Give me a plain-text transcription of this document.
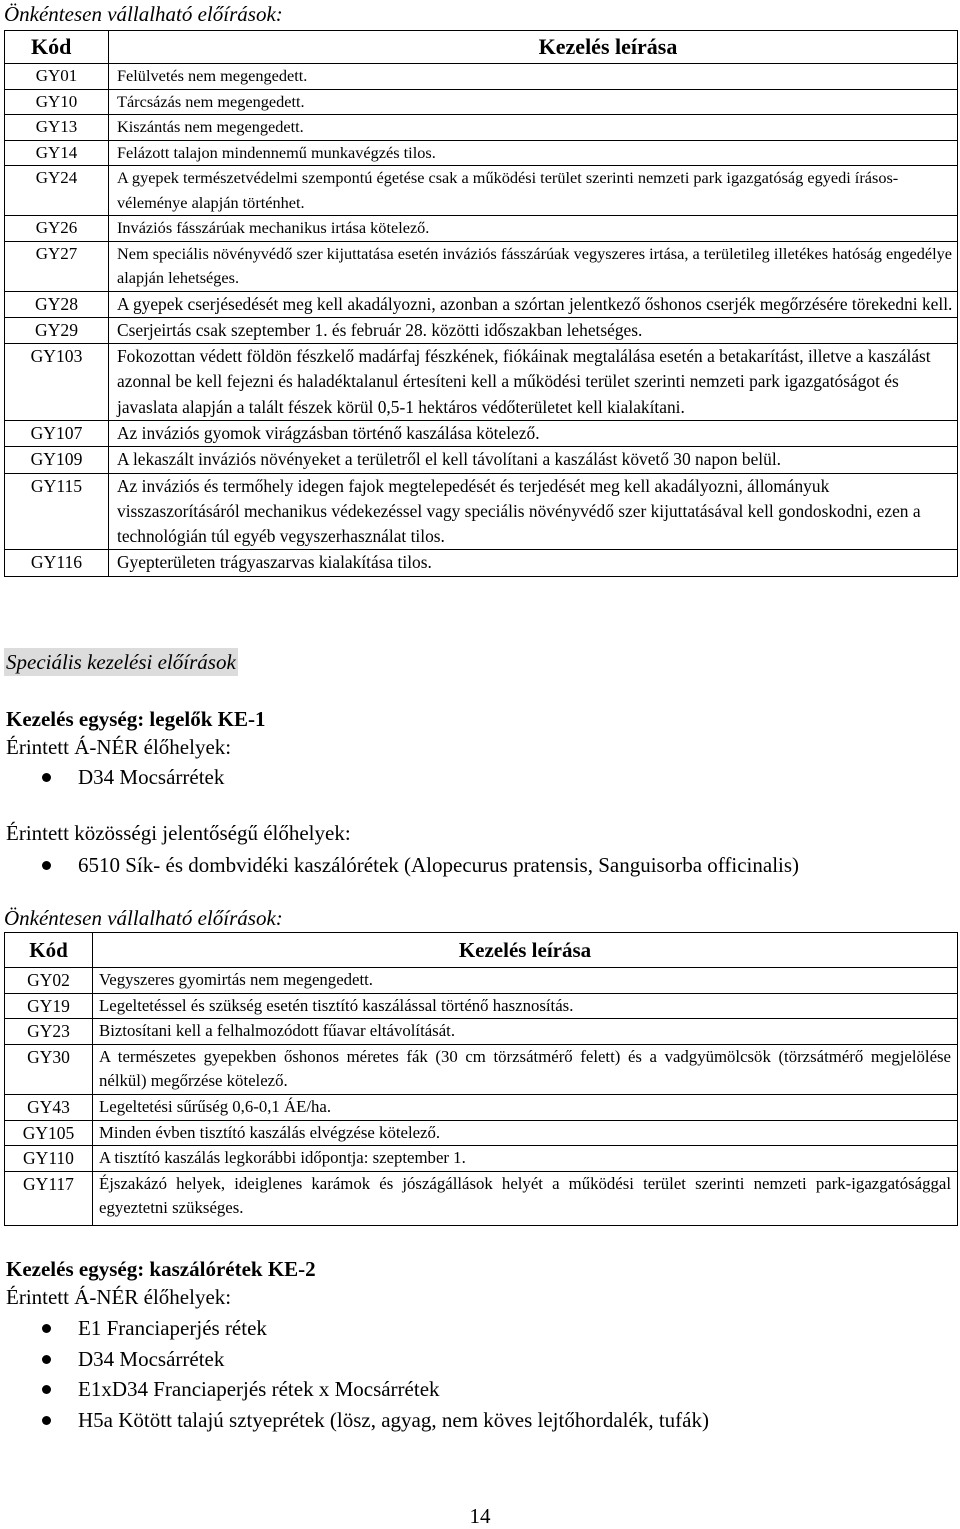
Önkéntesen vállalható előírások:
Kód	Kezelés leírása
GY01	Felülvetés nem megengedett.
GY10	Tárcsázás nem megengedett.
GY13	Kiszántás nem megengedett.
GY14	Felázott talajon mindennemű munkavégzés tilos.
GY24	A gyepek természetvédelmi szempontú égetése csak a működési terület szerinti nemzeti park igazgatóság egyedi írásos-véleménye alapján történhet.
GY26	Inváziós fásszárúak mechanikus irtása kötelező.
GY27	Nem speciális növényvédő szer kijuttatása esetén inváziós fásszárúak vegyszeres irtása, a területileg illetékes hatóság engedélye alapján lehetséges.
GY28	A gyepek cserjésedését meg kell akadályozni, azonban a szórtan jelentkező őshonos cserjék megőrzésére törekedni kell.
GY29	Cserjeirtás csak szeptember 1. és február 28. közötti időszakban lehetséges.
GY103	Fokozottan védett földön fészkelő madárfaj fészkének, fiókáinak megtalálása esetén a betakarítást, illetve a kaszálást azonnal be kell fejezni és haladéktalanul értesíteni kell a működési terület szerinti nemzeti park igazgatóságot és javaslata alapján a talált fészek körül 0,5-1 hektáros védőterületet kell kialakítani.
GY107	Az inváziós gyomok virágzásban történő kaszálása kötelező.
GY109	A lekaszált inváziós növényeket a területről el kell távolítani a kaszálást követő 30 napon belül.
GY115	Az inváziós és termőhely idegen fajok megtelepedését és terjedését meg kell akadályozni, állományuk visszaszorításáról mechanikus védekezéssel vagy speciális növényvédő szer kijuttatásával kell gondoskodni, ezen a technológián túl egyéb vegyszerhasználat tilos.
GY116	Gyepterületen trágyaszarvas kialakítása tilos.
Speciális kezelési előírások
Kezelés egység: legelők KE-1
Érintett Á-NÉR élőhelyek:
D34 Mocsárrétek
Érintett közösségi jelentőségű élőhelyek:
6510 Sík- és dombvidéki kaszálórétek (Alopecurus pratensis, Sanguisorba officinalis)
Önkéntesen vállalható előírások:
Kód	Kezelés leírása
GY02	Vegyszeres gyomirtás nem megengedett.
GY19	Legeltetéssel és szükség esetén tisztító kaszálással történő hasznosítás.
GY23	Biztosítani kell a felhalmozódott fűavar eltávolítását.
GY30	A természetes gyepekben őshonos méretes fák (30 cm törzsátmérő felett) és a vadgyümölcsök (törzsátmérő megjelölése nélkül) megőrzése kötelező.
GY43	Legeltetési sűrűség 0,6-0,1 ÁE/ha.
GY105	Minden évben tisztító kaszálás elvégzése kötelező.
GY110	A tisztító kaszálás legkorábbi időpontja: szeptember 1.
GY117	Éjszakázó helyek, ideiglenes karámok és jószágállások helyét a működési terület szerinti nemzeti park-igazgatósággal egyeztetni szükséges.
Kezelés egység: kaszálórétek KE-2
Érintett Á-NÉR élőhelyek:
E1 Franciaperjés rétek
D34 Mocsárrétek
E1xD34 Franciaperjés rétek x Mocsárrétek
H5a Kötött talajú sztyeprétek (lösz, agyag, nem köves lejtőhordalék, tufák)
14
